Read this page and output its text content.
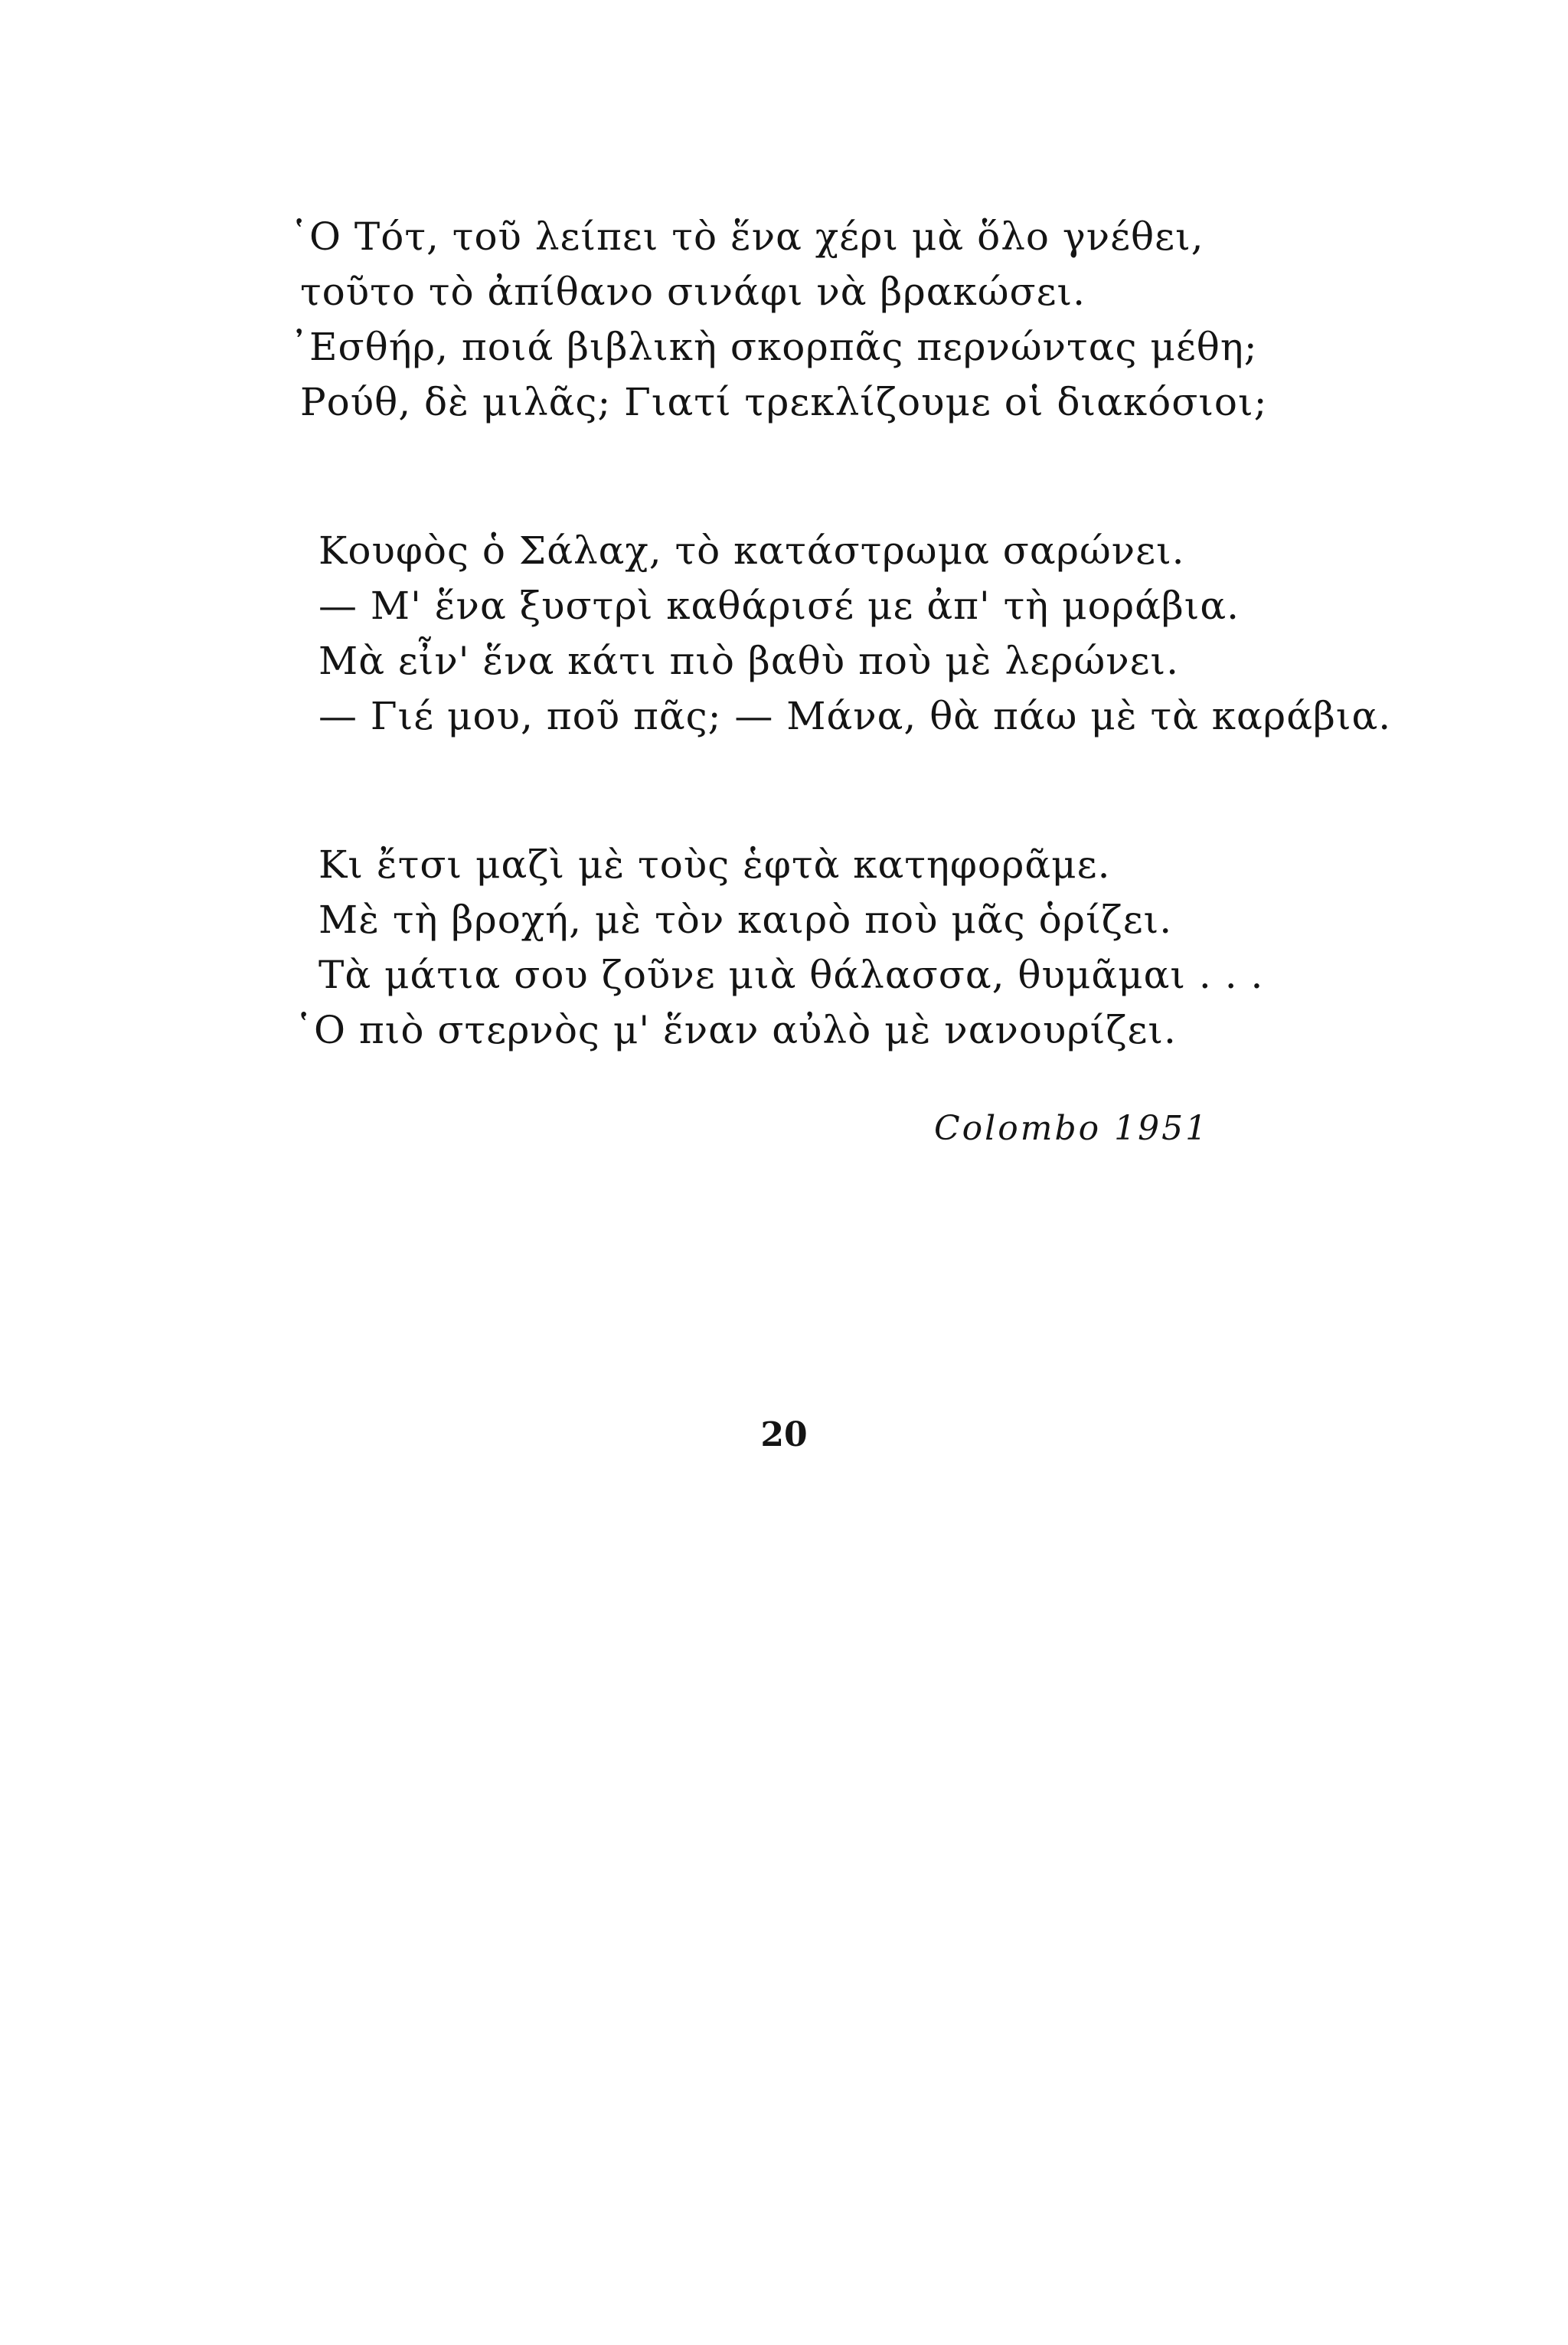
῾Ο Τότ, τοῦ λείπει τὸ ἕνα χέρι μὰ ὅλο γνέθει,
τοῦτο τὸ ἀπίθανο σινάφι νὰ βρακώσει.
᾿Εσθήρ, ποιά βιβλικὴ σκορπᾶς περνώντας μέθη;
Ρούθ, δὲ μιλᾶς; Γιατί τρεκλίζουμε οἱ διακόσιοι;
Κουφὸς ὁ Σάλαχ, τὸ κατάστρωμα σαρώνει.
— Μ' ἕνα ξυστρὶ καθάρισέ με ἀπ' τὴ μοράβια.
Μὰ εἶν' ἕνα κάτι πιὸ βαθὺ ποὺ μὲ λερώνει.
— Γιέ μου, ποῦ πᾶς; — Μάνα, θὰ πάω μὲ τὰ καράβια.
Κι ἔτσι μαζὶ μὲ τοὺς ἑφτὰ κατηφορᾶμε.
Μὲ τὴ βροχή, μὲ τὸν καιρὸ ποὺ μᾶς ὁρίζει.
Τὰ μάτια σου ζοῦνε μιὰ θάλασσα, θυμᾶμαι . . .
῾Ο πιὸ στερνὸς μ' ἕναν αὐλὸ μὲ νανουρίζει.
Colombo 1951
20
